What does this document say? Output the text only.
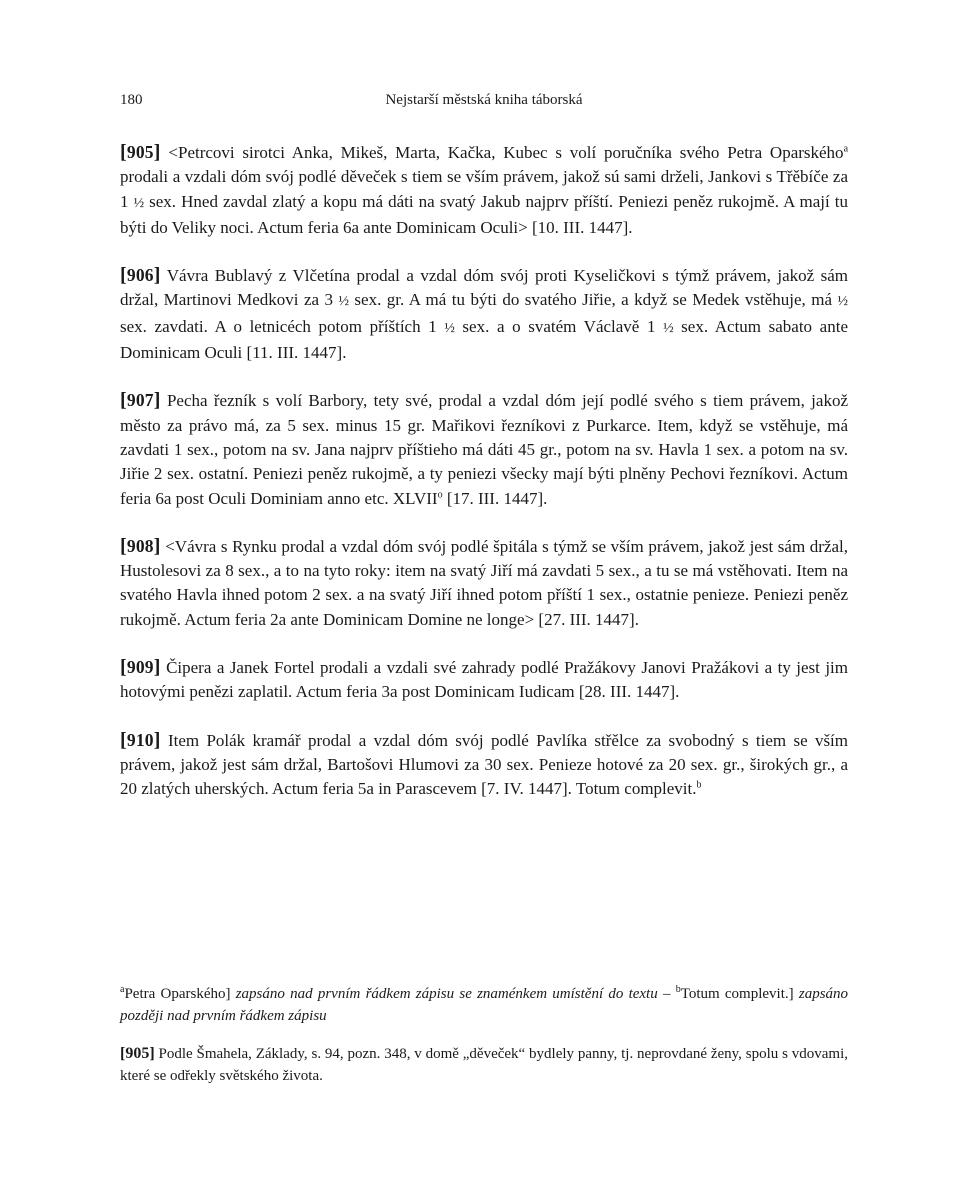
180	Nejstarší městská kniha táborská

[905] <Petrcovi sirotci Anka, Mikeš, Marta, Kačka, Kubec s volí poručníka svého Petra Oparského$^a$ prodali a vzdali dóm svój podlé děveček s tiem se vším právem, jakož sú sami drželi, Jankovi s Třěbíče za 1 ½ sex. Hned zavdal zlatý a kopu má dáti na svatý Jakub najprv příští. Peniezi peněz rukojmě. A mají tu býti do Veliky noci. Actum feria 6a ante Dominicam Oculi> [10. III. 1447].

[906] Vávra Bublavý z Vlčetína prodal a vzdal dóm svój proti Kyseličkovi s týmž právem, jakož sám držal, Martinovi Medkovi za 3 ½ sex. gr. A má tu býti do svatého Jiřie, a když se Medek vstěhuje, má ½ sex. zavdati. A o letnicéch potom příštích 1 ½ sex. a o svatém Václavě 1 ½ sex. Actum sabato ante Dominicam Oculi [11. III. 1447].

[907] Pecha řezník s volí Barbory, tety své, prodal a vzdal dóm její podlé svého s tiem právem, jakož město za právo má, za 5 sex. minus 15 gr. Mařikovi řezníkovi z Purkarce. Item, když se vstěhuje, má zavdati 1 sex., potom na sv. Jana najprv příštieho má dáti 45 gr., potom na sv. Havla 1 sex. a potom na sv. Jiřie 2 sex. ostatní. Peniezi peněz rukojmě, a ty peniezi všecky mají býti plněny Pechovi řezníkovi. Actum feria 6a post Oculi Dominiam anno etc. XLVII$^o$ [17. III. 1447].

[908] <Vávra s Rynku prodal a vzdal dóm svój podlé špitála s týmž se vším právem, jakož jest sám držal, Hustolesovi za 8 sex., a to na tyto roky: item na svatý Jiří má zavdati 5 sex., a tu se má vstěhovati. Item na svatého Havla ihned potom 2 sex. a na svatý Jiří ihned potom příští 1 sex., ostatnie penieze. Peniezi peněz rukojmě. Actum feria 2a ante Dominicam Domine ne longe> [27. III. 1447].

[909] Čipera a Janek Fortel prodali a vzdali své zahrady podlé Pražákovy Janovi Pražákovi a ty jest jim hotovými penězi zaplatil. Actum feria 3a post Dominicam Iudicam [28. III. 1447].

[910] Item Polák kramář prodal a vzdal dóm svój podlé Pavlíka střělce za svobodný s tiem se vším právem, jakož jest sám držal, Bartošovi Hlumovi za 30 sex. Penieze hotové za 20 sex. gr., širokých gr., a 20 zlatých uherských. Actum feria 5a in Parascevem [7. IV. 1447]. Totum complevit.$^b$

$^a$Petra Oparského] zapsáno nad prvním řádkem zápisu se znaménkem umístění do textu – $^b$Totum complevit.] zapsáno později nad prvním řádkem zápisu

[905] Podle Šmahela, Základy, s. 94, pozn. 348, v domě „děveček“ bydlely panny, tj. neprovdané ženy, spolu s vdovami, které se odřekly světského života.
